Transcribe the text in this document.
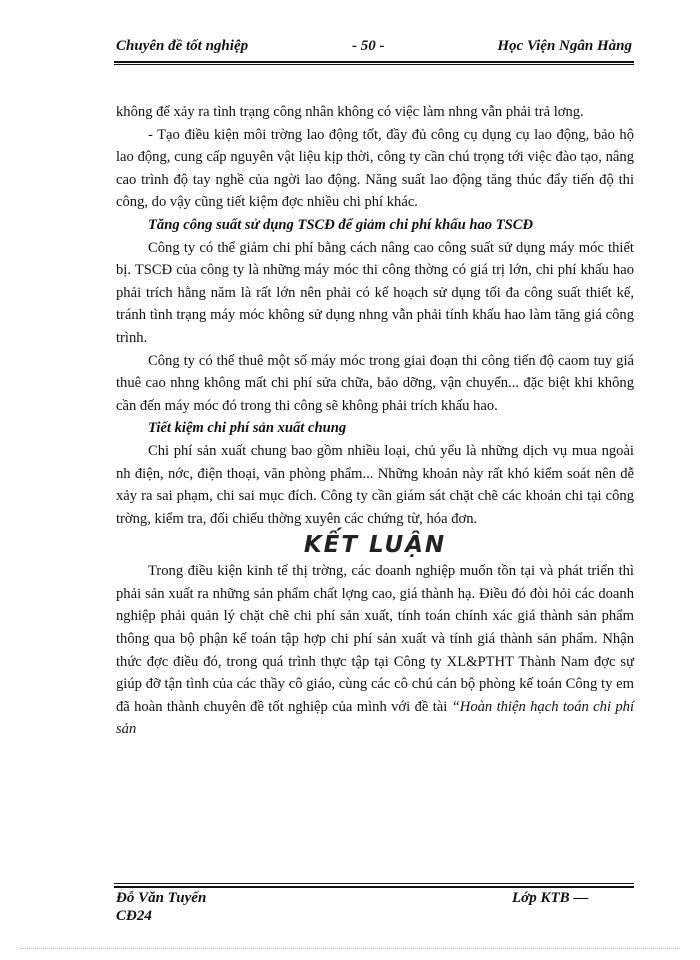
Chuyên đề tốt nghiệp	- 50 -	Học Viện Ngân Hàng

không để xảy ra tình trạng công nhân không có việc làm nhng vẫn phải trả lơng.

- Tạo điều kiện môi trờng lao động tốt, đầy đủ công cụ dụng cụ lao động, bảo hộ lao động, cung cấp nguyên vật liệu kịp thời, công ty cần chú trọng tới việc đào tạo, nâng cao trình độ tay nghề của ngời lao động. Năng suất lao động tăng thúc đẩy tiến độ thi công, do vậy cũng tiết kiệm đợc nhiều chi phí khác.

Tăng công suất sử dụng TSCĐ để giảm chi phí khấu hao TSCĐ

Công ty có thể giảm chi phí bằng cách nâng cao công suất sử dụng máy móc thiết bị. TSCĐ của công ty là những máy móc thi công thờng có giá trị lớn, chi phí khấu hao phải trích hằng năm là rất lớn nên phải có kế hoạch sử dụng tối đa công suất thiết kế, tránh tình trạng máy móc không sử dụng nhng vẫn phải tính khấu hao làm tăng giá công trình.

Công ty có thể thuê một số máy móc trong giai đoạn thi công tiến độ caom tuy giá thuê cao nhng không mất chi phí sửa chữa, bảo dỡng, vận chuyển... đặc biệt khi không cần đến máy móc đó trong thi công sẽ không phải trích khấu hao.

Tiết kiệm chi phí sản xuất chung

Chi phí sản xuất chung bao gồm nhiều loại, chủ yếu là những dịch vụ mua ngoài nh điện, nớc, điện thoại, văn phòng phẩm... Những khoản này rất khó kiểm soát nên dễ xảy ra sai phạm, chi sai mục đích. Công ty cần giám sát chặt chẽ các khoản chi tại công trờng, kiểm tra, đối chiếu thờng xuyên các chứng từ, hóa đơn.

KẾT LUẬN

Trong điều kiện kinh tế thị trờng, các doanh nghiệp muốn tồn tại và phát triển thì phải sản xuất ra những sản phẩm chất lợng cao, giá thành hạ. Điều đó đòi hỏi các doanh nghiệp phải quản lý chặt chẽ chi phí sản xuất, tính toán chính xác giá thành sản phẩm thông qua bộ phận kế toán tập hợp chi phí sản xuất và tính giá thành sản phẩm. Nhận thức đợc điều đó, trong quá trình thực tập tại Công ty XL&PTHT Thành Nam đợc sự giúp đỡ tận tình của các thầy cô giáo, cùng các cô chú cán bộ phòng kế toán Công ty em đã hoàn thành chuyên đề tốt nghiệp của mình với đề tài “Hoàn thiện hạch toán chi phí sản

Đỗ Văn Tuyến
CĐ24
Lớp KTB —
